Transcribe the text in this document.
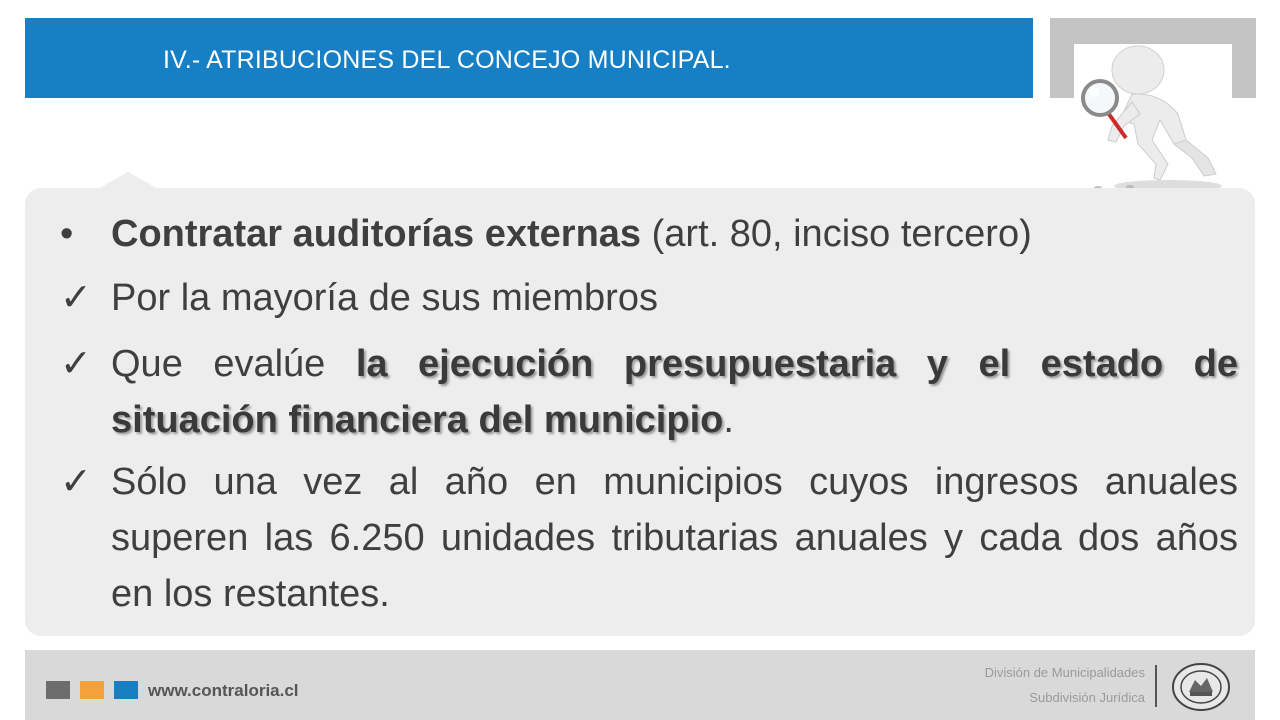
IV.- ATRIBUCIONES DEL CONCEJO MUNICIPAL.
• Contratar auditorías externas (art. 80, inciso tercero)
✓ Por la mayoría de sus miembros
✓ Que evalúe la ejecución presupuestaria y el estado de situación financiera del municipio.
✓ Sólo una vez al año en municipios cuyos ingresos anuales superen las 6.250 unidades tributarias anuales y cada dos años en los restantes.
www.contraloria.cl
División de Municipalidades
Subdivisión Jurídica
